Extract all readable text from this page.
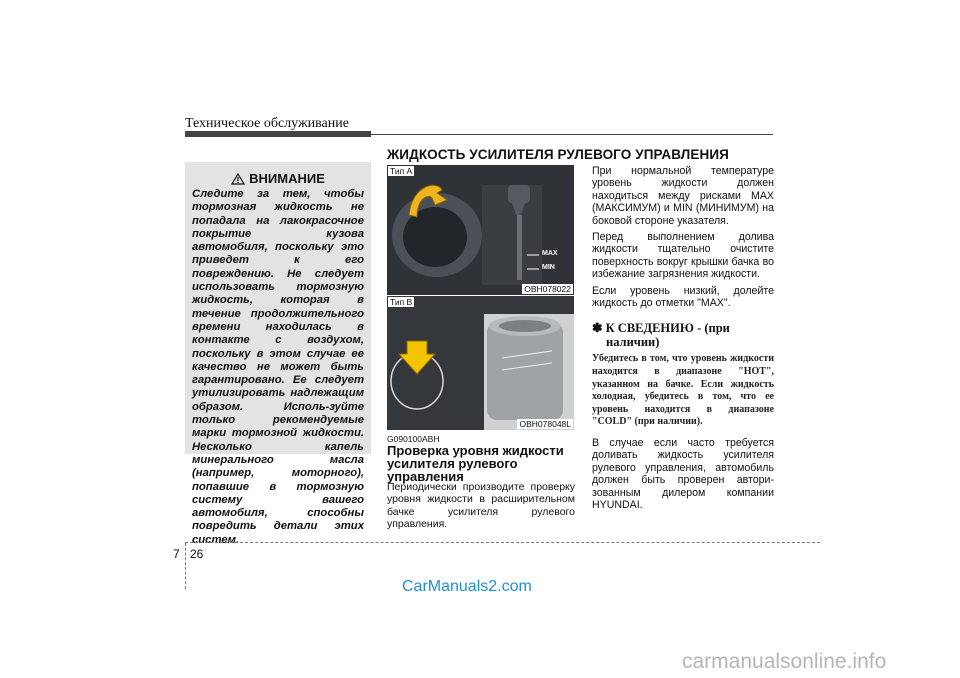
Техническое обслуживание
ВНИМАНИЕ
Следите за тем, чтобы тормозная жидкость не попадала на лакокрасочное покрытие кузова автомобиля, поскольку это приведет к его повреждению. Не следует использовать тормозную жидкость, которая в течение продолжительного времени находилась в контакте с воздухом, поскольку в этом случае ее качество не может быть гарантировано. Ее следует утилизировать надлежащим образом. Исполь-зуйте только рекомендуемые марки тормозной жидкости. Несколько капель минерального масла (например, моторного), попавшие в тормозную систему вашего автомобиля, способны повредить детали этих систем.
ЖИДКОСТЬ УСИЛИТЕЛЯ РУЛЕВОГО УПРАВЛЕНИЯ
MAX
MIN
Тип A
OBH078022
Тип B
OBH078048L
G090100ABH
Проверка уровня жидкости усилителя рулевого управления
Периодически производите проверку уровня жидкости в расширительном бачке усилителя рулевого управления.

При нормальной температуре уровень жидкости должен находиться между рисками MAX (МАКСИМУМ) и MIN (МИНИМУМ) на боковой стороне указателя.

Перед выполнением долива жидкости тщательно очистите поверхность вокруг крышки бачка во избежание загрязнения жидкости.

Если уровень низкий, долейте жидкость до отметки "MAX".

✽ К СВЕДЕНИЮ - (при
наличии)

Убедитесь в том, что уровень жидкости находится в диапазоне "HOT", указанном на бачке. Если жидкость холодная, убедитесь в том, что ее уровень находится в диапазоне "COLD" (при наличии).

В случае если часто требуется доливать жидкость усилителя рулевого управления, автомобиль должен быть проверен автори-зованным дилером компании HYUNDAI.

7 26
CarManuals2.com
carmanualsonline.info
